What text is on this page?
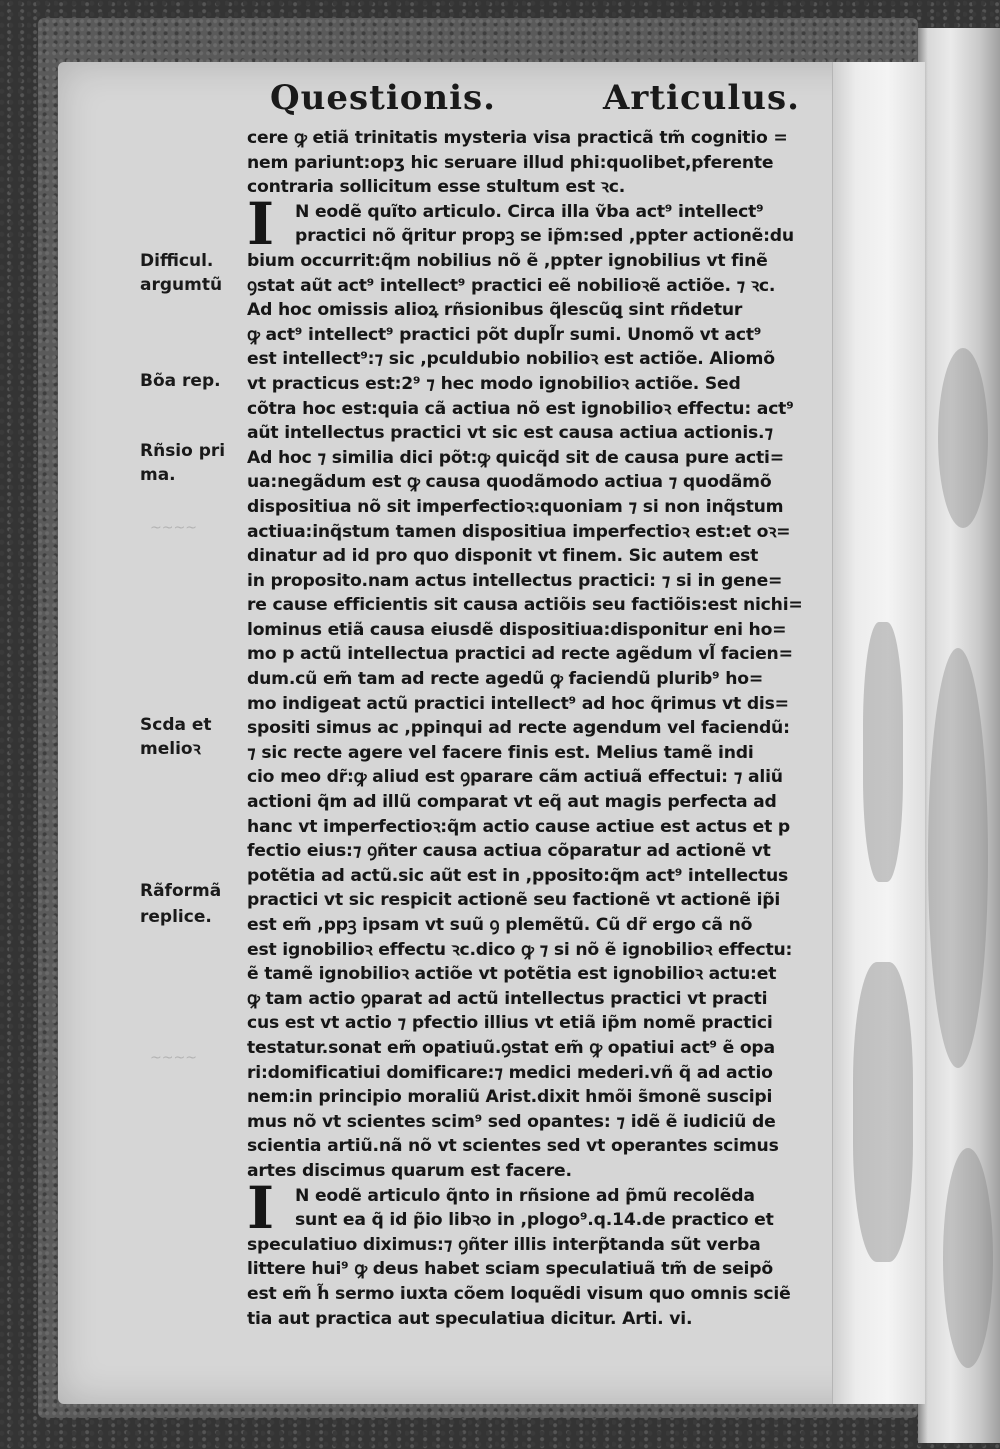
~~~~
~~~~
Questionis.	Articulus.
Difficul.
argumtũ
Bõa rep.
Rñsio pri
ma.
Scda et
melioꝛ
Rãformã
replice.
cere ꝙ etiã trinitatis mysteria visa practicã tm̃ cognitio =
nem pariunt:opʒ hic seruare illud phi:quolibet,pferente
contraria sollicitum esse stultum est ꝛc.
I N eodẽ quĩto articulo. Circa illa ṽba act⁹ intellect⁹
practici nõ q̃ritur propꝫ se ip̃m:sed ,ppter actionẽ:du
bium occurrit:q̃m nobilius nõ ẽ ,ppter ignobilius vt finẽ
ꝯstat aũt act⁹ intellect⁹ practici eẽ nobilioꝛẽ actiõe. ⁊ ꝛc.
Ad hoc omissis alioꝝ rñsionibus q̃lescũꝗ sint rñdetur
ꝙ act⁹ intellect⁹ practici põt dupl̃r sumi. Unomõ vt act⁹
est intellect⁹:⁊ sic ,pculdubio nobilioꝛ est actiõe. Aliomõ
vt practicus est:2⁹ ⁊ hec modo ignobilioꝛ actiõe. Sed
cõtra hoc est:quia cã actiua nõ est ignobilioꝛ effectu: act⁹
aũt intellectus practici vt sic est causa actiua actionis.⁊
Ad hoc ⁊ similia dici põt:ꝙ quicq̃d sit de causa pure acti=
ua:negãdum est ꝙ causa quodãmodo actiua ⁊ quodãmõ
dispositiua nõ sit imperfectioꝛ:quoniam ⁊ si non inq̃stum
actiua:inq̃stum tamen dispositiua imperfectioꝛ est:et oꝛ=
dinatur ad id pro quo disponit vt finem. Sic autem est
in proposito.nam actus intellectus practici: ⁊ si in gene=
re cause efficientis sit causa actiõis seu factiõis:est nichi=
lominus etiã causa eiusdẽ dispositiua:disponitur eni ho=
mo p actũ intellectua practici ad recte agẽdum vl̃ facien=
dum.cũ em̃ tam ad recte agedũ ꝙ faciendũ plurib⁹ ho=
mo indigeat actũ practici intellect⁹ ad hoc q̃rimus vt dis=
spositi simus ac ,ppinqui ad recte agendum vel faciendũ:
⁊ sic recte agere vel facere finis est. Melius tamẽ indi
cio meo dr̃:ꝙ aliud est ꝯparare cãm actiuã effectui: ⁊ aliũ
actioni q̃m ad illũ comparat vt eq̃ aut magis perfecta ad
hanc vt imperfectioꝛ:q̃m actio cause actiue est actus et p
fectio eius:⁊ ꝯñter causa actiua cõparatur ad actionẽ vt
potẽtia ad actũ.sic aũt est in ,pposito:q̃m act⁹ intellectus
practici vt sic respicit actionẽ seu factionẽ vt actionẽ ip̃i
est em̃ ,ppꝫ ipsam vt suũ ꝯ plemẽtũ. Cũ dr̃ ergo cã nõ
est ignobilioꝛ effectu ꝛc.dico ꝙ ⁊ si nõ ẽ ignobilioꝛ effectu:
ẽ tamẽ ignobilioꝛ actiõe vt potẽtia est ignobilioꝛ actu:et
ꝙ tam actio ꝯparat ad actũ intellectus practici vt practi
cus est vt actio ⁊ pfectio illius vt etiã ip̃m nomẽ practici
testatur.sonat em̃ opatiuũ.ꝯstat em̃ ꝙ opatiui act⁹ ẽ opa
ri:domificatiui domificare:⁊ medici mederi.vñ q̃ ad actio
nem:in principio moraliũ Arist.dixit hmõi s̃monẽ suscipi
mus nõ vt scientes scim⁹ sed opantes: ⁊ idẽ ẽ iudiciũ de
scientia artiũ.nã nõ vt scientes sed vt operantes scimus
artes discimus quarum est facere.
I N eodẽ articulo q̃nto in rñsione ad p̃mũ recolẽda
sunt ea q̃ id p̃io libꝛo in ,plogo⁹.q.14.de practico et
speculatiuo diximus:⁊ ꝯñter illis interp̃tanda sũt verba
littere hui⁹ ꝙ deus habet sciam speculatiuã tm̃ de seipõ
est em̃ h̃ sermo iuxta cõem loquẽdi visum quo omnis sciẽ
tia aut practica aut speculatiua dicitur. Arti. vi.
